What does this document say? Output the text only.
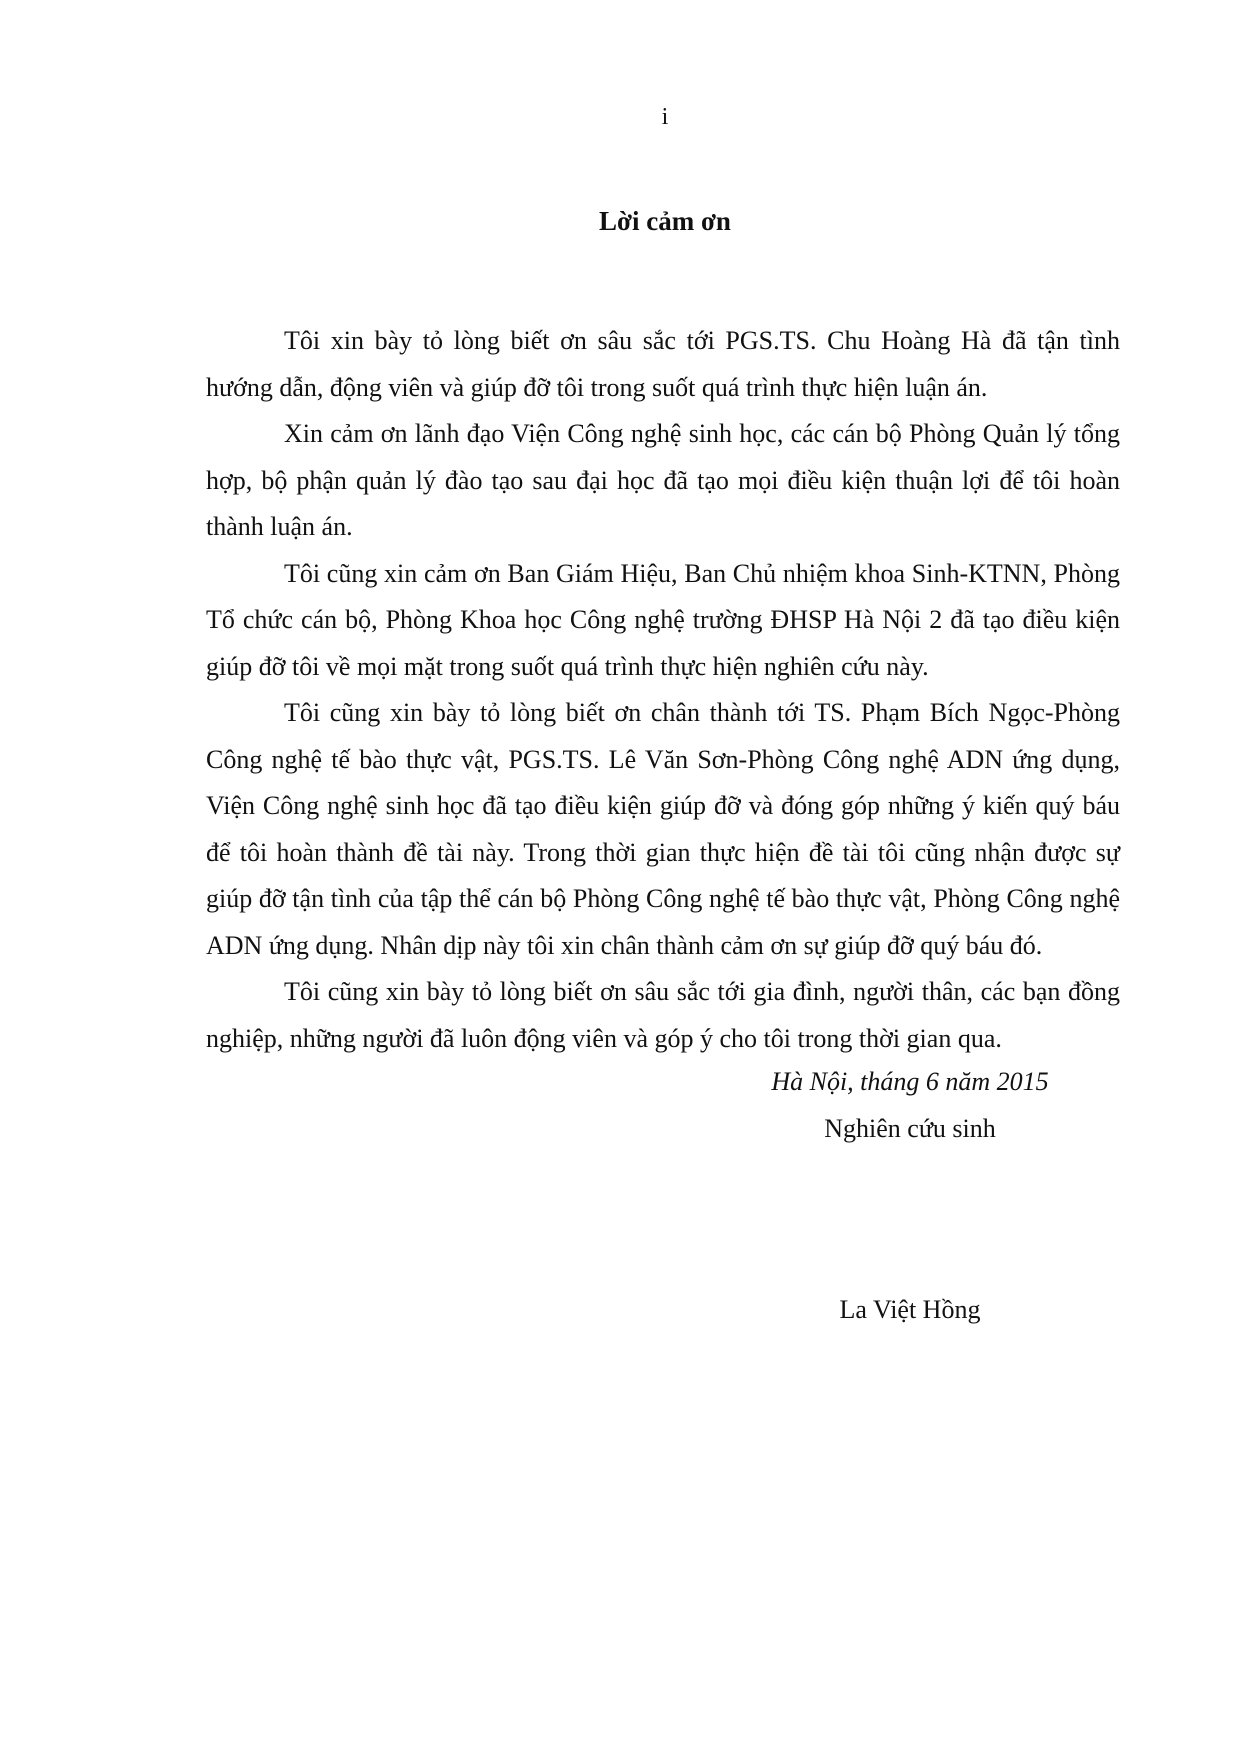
i
Lời cảm ơn

Tôi xin bày tỏ lòng biết ơn sâu sắc tới PGS.TS. Chu Hoàng Hà đã tận tình hướng dẫn, động viên và giúp đỡ tôi trong suốt quá trình thực hiện luận án.

Xin cảm ơn lãnh đạo Viện Công nghệ sinh học, các cán bộ Phòng Quản lý tổng hợp, bộ phận quản lý đào tạo sau đại học đã tạo mọi điều kiện thuận lợi để tôi hoàn thành luận án.

Tôi cũng xin cảm ơn Ban Giám Hiệu, Ban Chủ nhiệm khoa Sinh-KTNN, Phòng Tổ chức cán bộ, Phòng Khoa học Công nghệ trường ĐHSP Hà Nội 2 đã tạo điều kiện giúp đỡ tôi về mọi mặt trong suốt quá trình thực hiện nghiên cứu này.

Tôi cũng xin bày tỏ lòng biết ơn chân thành tới TS. Phạm Bích Ngọc-Phòng Công nghệ tế bào thực vật, PGS.TS. Lê Văn Sơn-Phòng Công nghệ ADN ứng dụng, Viện Công nghệ sinh học đã tạo điều kiện giúp đỡ và đóng góp những ý kiến quý báu để tôi hoàn thành đề tài này. Trong thời gian thực hiện đề tài tôi cũng nhận được sự giúp đỡ tận tình của tập thể cán bộ Phòng Công nghệ tế bào thực vật, Phòng Công nghệ ADN ứng dụng. Nhân dịp này tôi xin chân thành cảm ơn sự giúp đỡ quý báu đó.

Tôi cũng xin bày tỏ lòng biết ơn sâu sắc tới gia đình, người thân, các bạn đồng nghiệp, những người đã luôn động viên và góp ý cho tôi trong thời gian qua.

Hà Nội, tháng 6 năm 2015
Nghiên cứu sinh
La Việt Hồng
